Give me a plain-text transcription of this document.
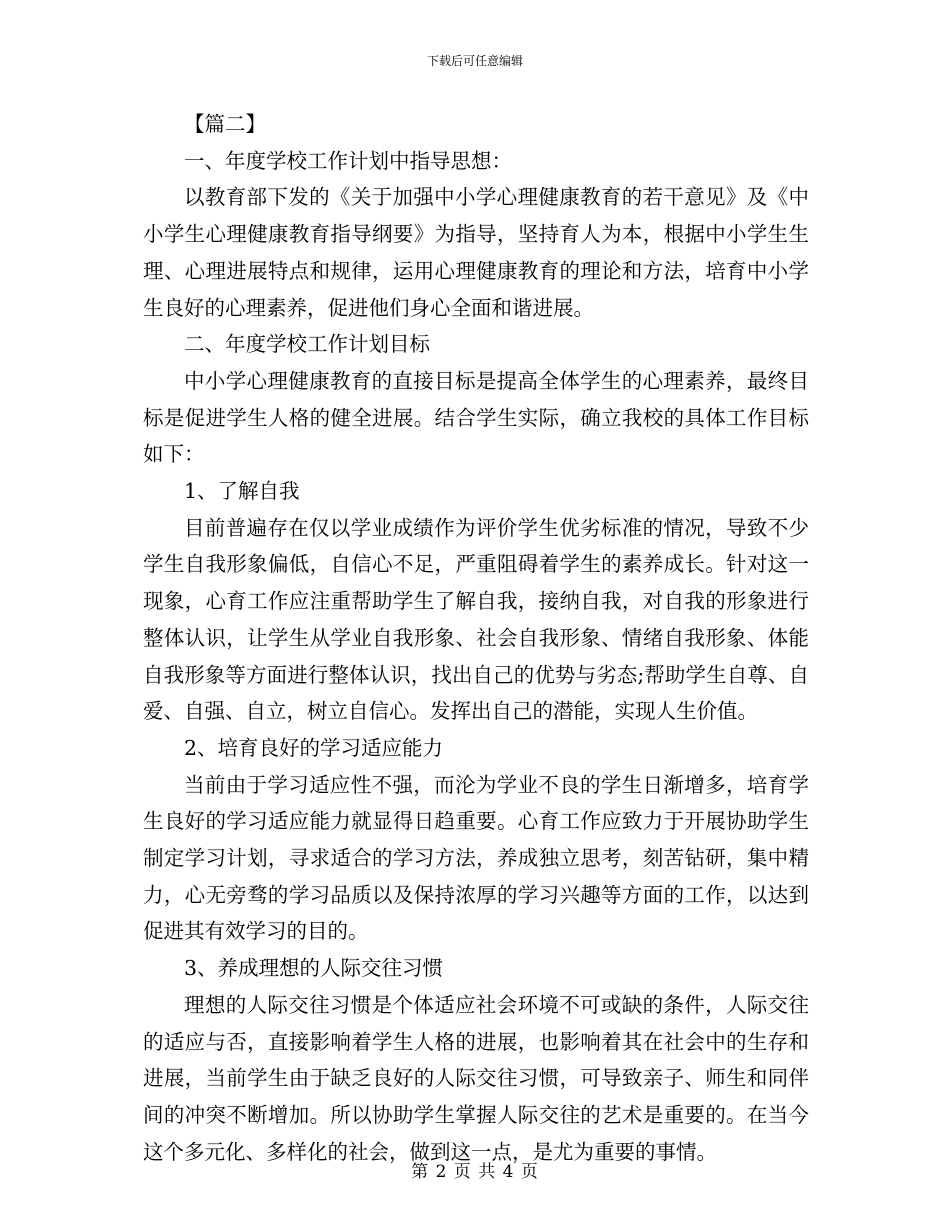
下载后可任意编辑

【篇二】

一、年度学校工作计划中指导思想：

以教育部下发的《关于加强中小学心理健康教育的若干意见》及《中小学生心理健康教育指导纲要》为指导，坚持育人为本，根据中小学生生理、心理进展特点和规律，运用心理健康教育的理论和方法，培育中小学生良好的心理素养，促进他们身心全面和谐进展。

二、年度学校工作计划目标

中小学心理健康教育的直接目标是提高全体学生的心理素养，最终目标是促进学生人格的健全进展。结合学生实际，确立我校的具体工作目标如下：

1、了解自我

目前普遍存在仅以学业成绩作为评价学生优劣标准的情况，导致不少学生自我形象偏低，自信心不足，严重阻碍着学生的素养成长。针对这一现象，心育工作应注重帮助学生了解自我，接纳自我，对自我的形象进行整体认识，让学生从学业自我形象、社会自我形象、情绪自我形象、体能自我形象等方面进行整体认识，找出自己的优势与劣态;帮助学生自尊、自爱、自强、自立，树立自信心。发挥出自己的潜能，实现人生价值。

2、培育良好的学习适应能力

当前由于学习适应性不强，而沦为学业不良的学生日渐增多，培育学生良好的学习适应能力就显得日趋重要。心育工作应致力于开展协助学生制定学习计划，寻求适合的学习方法，养成独立思考，刻苦钻研，集中精力，心无旁骛的学习品质以及保持浓厚的学习兴趣等方面的工作，以达到促进其有效学习的目的。

3、养成理想的人际交往习惯

理想的人际交往习惯是个体适应社会环境不可或缺的条件，人际交往的适应与否，直接影响着学生人格的进展，也影响着其在社会中的生存和进展，当前学生由于缺乏良好的人际交往习惯，可导致亲子、师生和同伴间的冲突不断增加。所以协助学生掌握人际交往的艺术是重要的。在当今这个多元化、多样化的社会，做到这一点，是尤为重要的事情。

第 2 页 共 4 页
